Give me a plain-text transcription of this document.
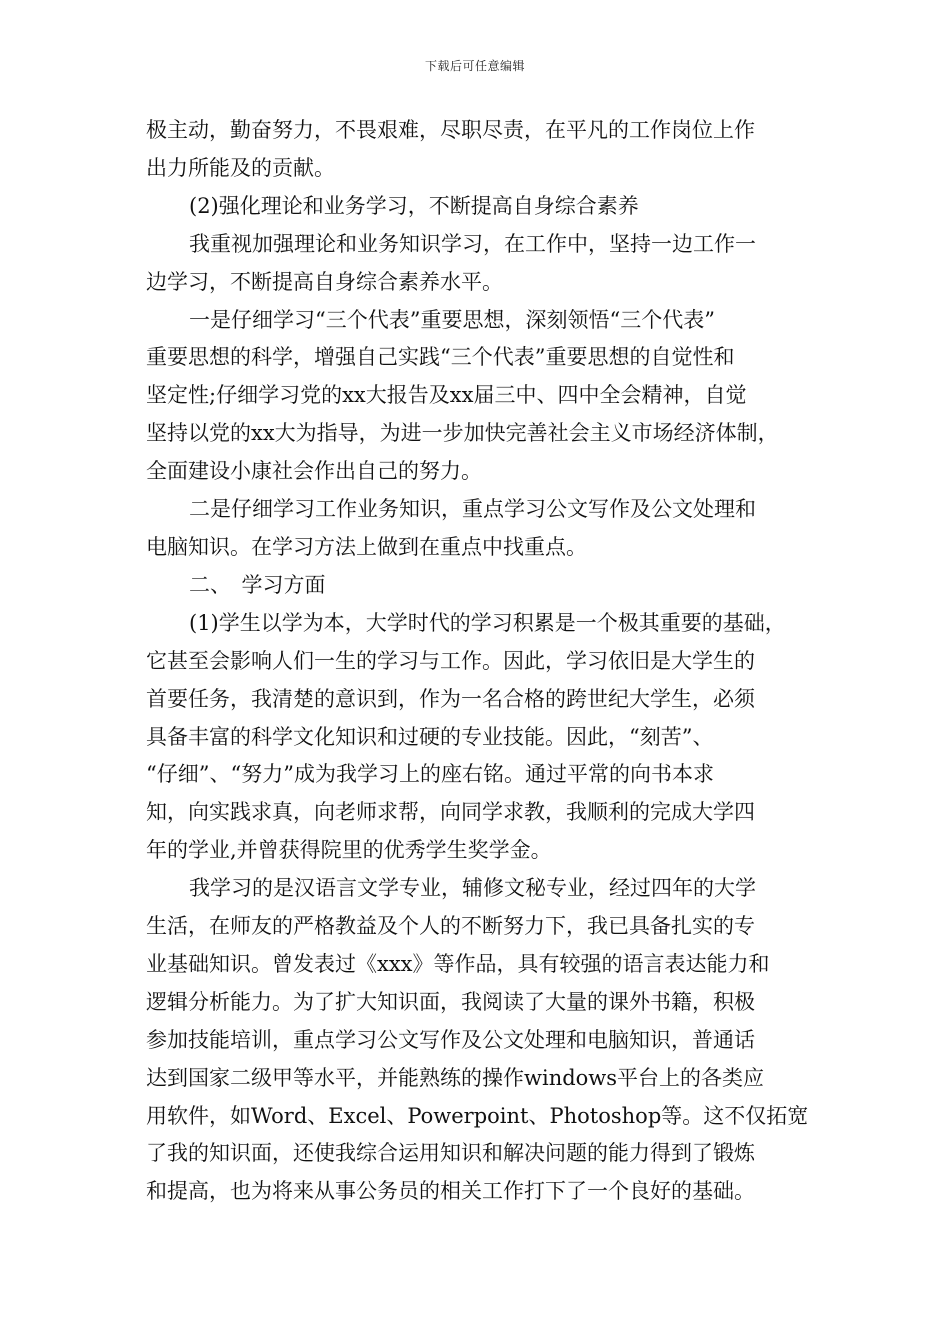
下载后可任意编辑

极主动，勤奋努力，不畏艰难，尽职尽责，在平凡的工作岗位上作

出力所能及的贡献。

(2)强化理论和业务学习，不断提高自身综合素养

我重视加强理论和业务知识学习，在工作中，坚持一边工作一

边学习，不断提高自身综合素养水平。

一是仔细学习“三个代表”重要思想，深刻领悟“三个代表”

重要思想的科学，增强自己实践“三个代表”重要思想的自觉性和

坚定性;仔细学习党的xx大报告及xx届三中、四中全会精神，自觉

坚持以党的xx大为指导，为进一步加快完善社会主义市场经济体制，

全面建设小康社会作出自己的努力。

二是仔细学习工作业务知识，重点学习公文写作及公文处理和

电脑知识。在学习方法上做到在重点中找重点。

二、　学习方面

(1)学生以学为本，大学时代的学习积累是一个极其重要的基础，

它甚至会影响人们一生的学习与工作。因此，学习依旧是大学生的

首要任务，我清楚的意识到，作为一名合格的跨世纪大学生，必须

具备丰富的科学文化知识和过硬的专业技能。因此，“刻苦”、

“仔细”、“努力”成为我学习上的座右铭。通过平常的向书本求

知，向实践求真，向老师求帮，向同学求教，我顺利的完成大学四

年的学业,并曾获得院里的优秀学生奖学金。

我学习的是汉语言文学专业，辅修文秘专业，经过四年的大学

生活，在师友的严格教益及个人的不断努力下，我已具备扎实的专

业基础知识。曾发表过《xxx》等作品，具有较强的语言表达能力和

逻辑分析能力。为了扩大知识面，我阅读了大量的课外书籍，积极

参加技能培训，重点学习公文写作及公文处理和电脑知识，普通话

达到国家二级甲等水平，并能熟练的操作windows平台上的各类应

用软件，如Word、Excel、Powerpoint、Photoshop等。这不仅拓宽

了我的知识面，还使我综合运用知识和解决问题的能力得到了锻炼

和提高，也为将来从事公务员的相关工作打下了一个良好的基础。
